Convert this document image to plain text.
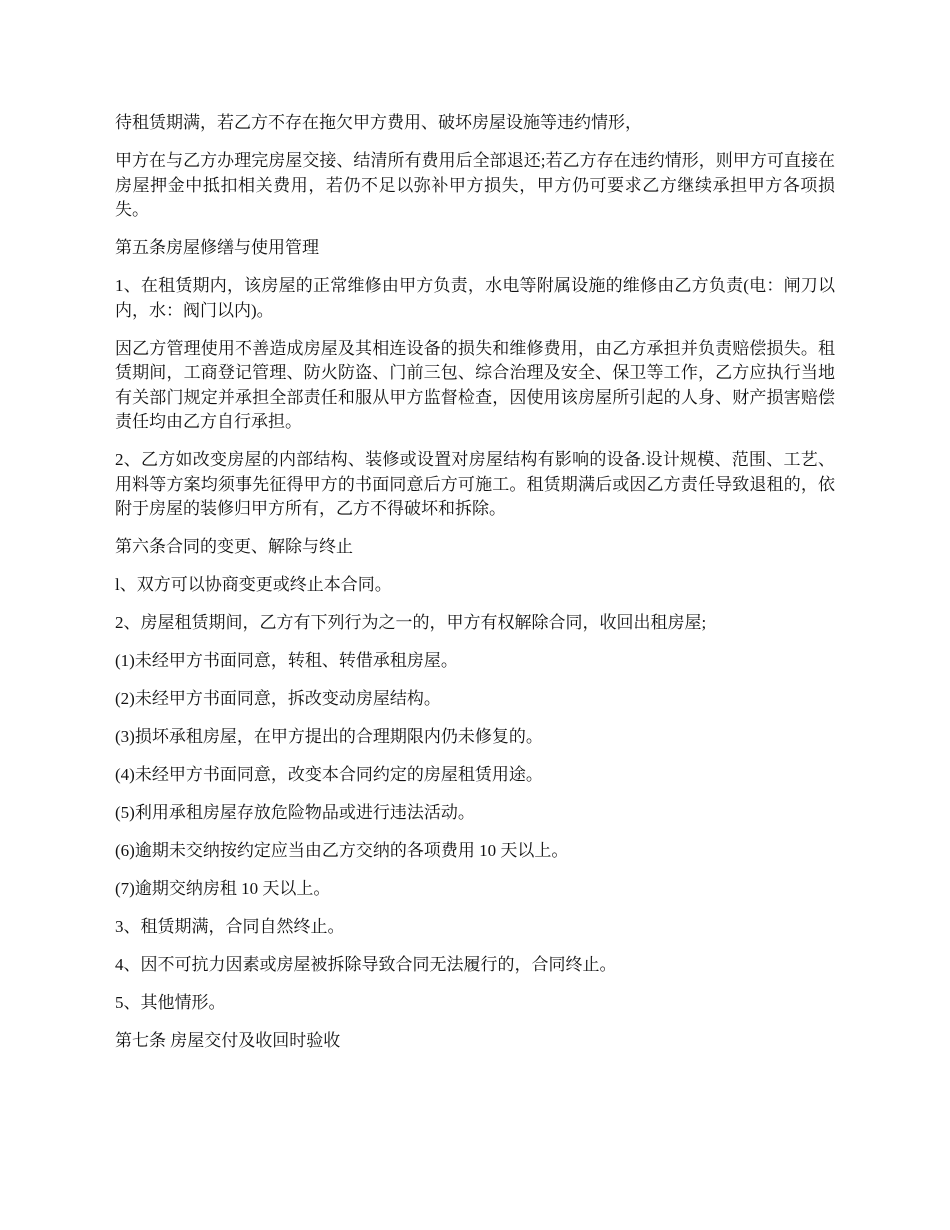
待租赁期满，若乙方不存在拖欠甲方费用、破坏房屋设施等违约情形，

甲方在与乙方办理完房屋交接、结清所有费用后全部退还;若乙方存在违约情形，则甲方可直接在房屋押金中抵扣相关费用，若仍不足以弥补甲方损失，甲方仍可要求乙方继续承担甲方各项损失。

第五条房屋修缮与使用管理

1、在租赁期内，该房屋的正常维修由甲方负责，水电等附属设施的维修由乙方负责(电：闸刀以内，水：阀门以内)。

因乙方管理使用不善造成房屋及其相连设备的损失和维修费用，由乙方承担并负责赔偿损失。租赁期间，工商登记管理、防火防盗、门前三包、综合治理及安全、保卫等工作，乙方应执行当地有关部门规定并承担全部责任和服从甲方监督检查，因使用该房屋所引起的人身、财产损害赔偿责任均由乙方自行承担。

2、乙方如改变房屋的内部结构、装修或设置对房屋结构有影响的设备.设计规模、范围、工艺、用料等方案均须事先征得甲方的书面同意后方可施工。租赁期满后或因乙方责任导致退租的，依附于房屋的装修归甲方所有，乙方不得破坏和拆除。

第六条合同的变更、解除与终止

l、双方可以协商变更或终止本合同。

2、房屋租赁期间，乙方有下列行为之一的，甲方有权解除合同，收回出租房屋;

(1)未经甲方书面同意，转租、转借承租房屋。

(2)未经甲方书面同意，拆改变动房屋结构。

(3)损坏承租房屋，在甲方提出的合理期限内仍未修复的。

(4)未经甲方书面同意，改变本合同约定的房屋租赁用途。

(5)利用承租房屋存放危险物品或进行违法活动。

(6)逾期未交纳按约定应当由乙方交纳的各项费用 10 天以上。

(7)逾期交纳房租 10 天以上。

3、租赁期满，合同自然终止。

4、因不可抗力因素或房屋被拆除导致合同无法履行的，合同终止。

5、其他情形。

第七条 房屋交付及收回时验收
